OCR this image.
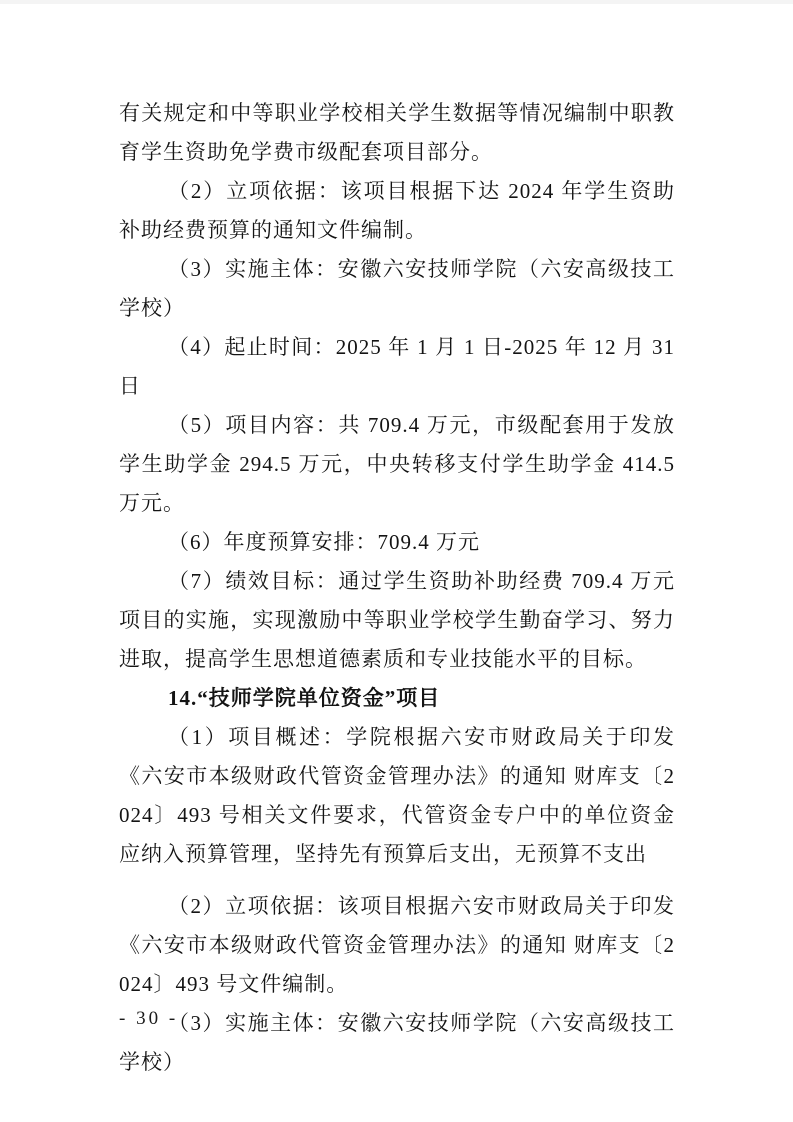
有关规定和中等职业学校相关学生数据等情况编制中职教育学生资助免学费市级配套项目部分。

（2）立项依据：该项目根据下达 2024 年学生资助补助经费预算的通知文件编制。

（3）实施主体：安徽六安技师学院（六安高级技工学校）

（4）起止时间：2025 年 1 月 1 日-2025 年 12 月 31 日

（5）项目内容：共 709.4 万元，市级配套用于发放学生助学金 294.5 万元，中央转移支付学生助学金 414.5 万元。

（6）年度预算安排：709.4 万元

（7）绩效目标：通过学生资助补助经费 709.4 万元项目的实施，实现激励中等职业学校学生勤奋学习、努力进取，提高学生思想道德素质和专业技能水平的目标。

14.“技师学院单位资金”项目

（1）项目概述：学院根据六安市财政局关于印发《六安市本级财政代管资金管理办法》的通知 财库支〔2024〕493 号相关文件要求，代管资金专户中的单位资金应纳入预算管理，坚持先有预算后支出，无预算不支出

（2）立项依据：该项目根据六安市财政局关于印发《六安市本级财政代管资金管理办法》的通知 财库支〔2024〕493 号文件编制。

（3）实施主体：安徽六安技师学院（六安高级技工学校）

- 30 -
